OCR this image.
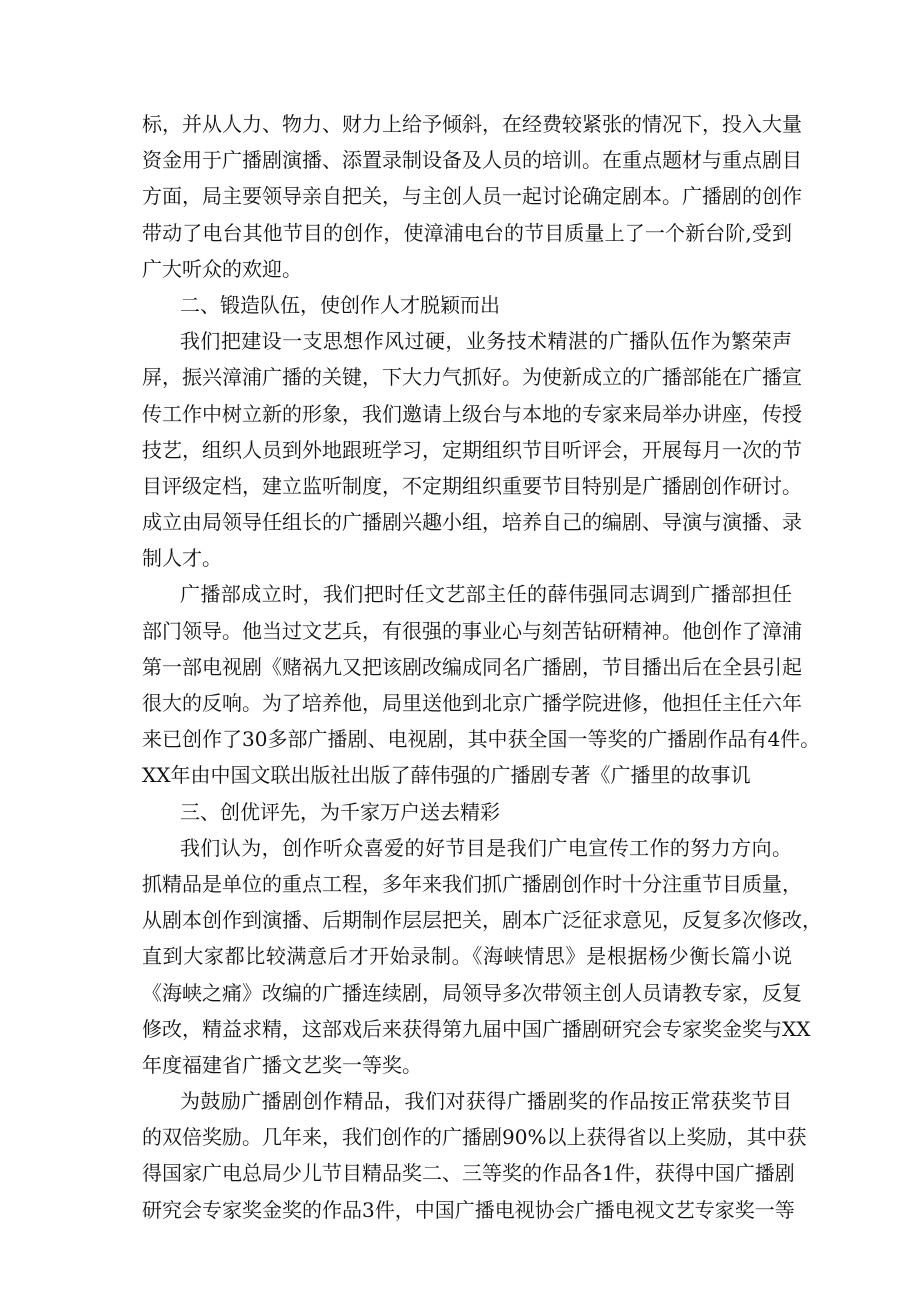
标，并从人力、物力、财力上给予倾斜，在经费较紧张的情况下，投入大量
资金用于广播剧演播、添置录制设备及人员的培训。在重点题材与重点剧目
方面，局主要领导亲自把关，与主创人员一起讨论确定剧本。广播剧的创作
带动了电台其他节目的创作，使漳浦电台的节目质量上了一个新台阶,受到
广大听众的欢迎。
二、锻造队伍，使创作人才脱颖而出
我们把建设一支思想作风过硬，业务技术精湛的广播队伍作为繁荣声
屏，振兴漳浦广播的关键，下大力气抓好。为使新成立的广播部能在广播宣
传工作中树立新的形象，我们邀请上级台与本地的专家来局举办讲座，传授
技艺，组织人员到外地跟班学习，定期组织节目听评会，开展每月一次的节
目评级定档，建立监听制度，不定期组织重要节目特别是广播剧创作研讨。
成立由局领导任组长的广播剧兴趣小组，培养自己的编剧、导演与演播、录
制人才。
广播部成立时，我们把时任文艺部主任的薛伟强同志调到广播部担任
部门领导。他当过文艺兵，有很强的事业心与刻苦钻研精神。他创作了漳浦
第一部电视剧《赌祸九又把该剧改编成同名广播剧，节目播出后在全县引起
很大的反响。为了培养他，局里送他到北京广播学院进修，他担任主任六年
来已创作了30多部广播剧、电视剧，其中获全国一等奖的广播剧作品有4件。
XX年由中国文联出版社出版了薛伟强的广播剧专著《广播里的故事讥
三、创优评先，为千家万户送去精彩
我们认为，创作听众喜爱的好节目是我们广电宣传工作的努力方向。
抓精品是单位的重点工程，多年来我们抓广播剧创作时十分注重节目质量，
从剧本创作到演播、后期制作层层把关，剧本广泛征求意见，反复多次修改，
直到大家都比较满意后才开始录制。《海峡情思》是根据杨少衡长篇小说
《海峡之痛》改编的广播连续剧，局领导多次带领主创人员请教专家，反复
修改，精益求精，这部戏后来获得第九届中国广播剧研究会专家奖金奖与XX
年度福建省广播文艺奖一等奖。
为鼓励广播剧创作精品，我们对获得广播剧奖的作品按正常获奖节目
的双倍奖励。几年来，我们创作的广播剧90%以上获得省以上奖励，其中获
得国家广电总局少儿节目精品奖二、三等奖的作品各1件，获得中国广播剧
研究会专家奖金奖的作品3件，中国广播电视协会广播电视文艺专家奖一等
